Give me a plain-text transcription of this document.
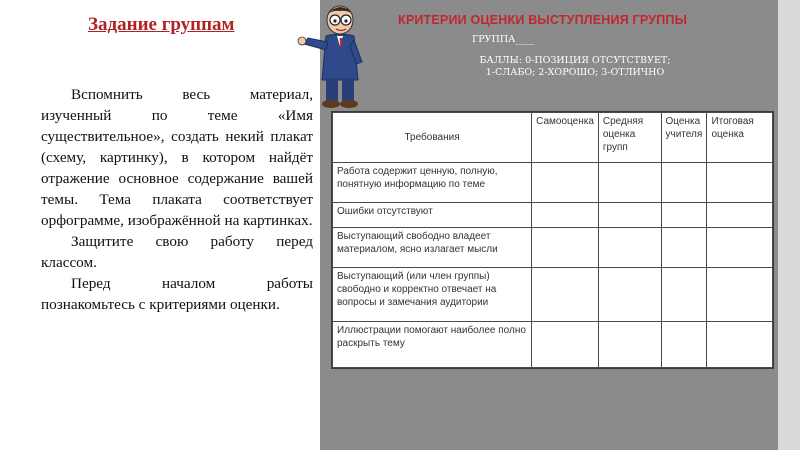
Задание группам

Вспомнить весь материал, изученный по теме «Имя существительное», создать некий плакат (схему, картинку), в котором найдёт отражение основное содержание вашей темы. Тема плаката соответствует орфограмме, изображённой на картинках.

Защитите свою работу перед классом.

Перед началом работы познакомьтесь с критериями оценки.

КРИТЕРИИ ОЦЕНКИ ВЫСТУПЛЕНИЯ ГРУППЫ
ГРУППА____
БАЛЛЫ: 0-ПОЗИЦИЯ ОТСУТСТВУЕТ;
1-СЛАБО; 2-ХОРОШО; 3-ОТЛИЧНО
Требования	Самооценка	Средняя оценка групп	Оценка учителя	Итоговая оценка
Работа содержит ценную, полную, понятную информацию по теме				
Ошибки отсутствуют				
Выступающий свободно владеет материалом, ясно излагает мысли				
Выступающий (или член группы) свободно и корректно отвечает на вопросы и замечания аудитории				
Иллюстрации помогают наиболее полно раскрыть тему				
